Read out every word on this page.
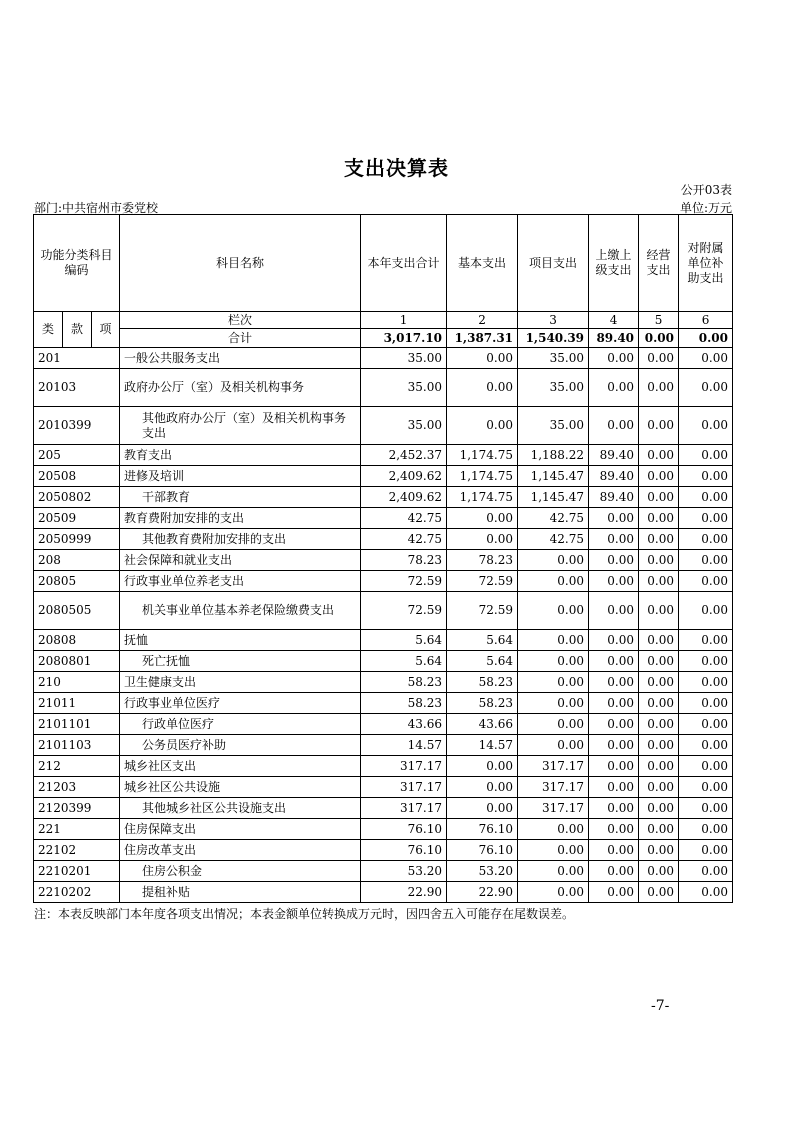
支出决算表
公开03表
部门:中共宿州市委党校	单位:万元
功能分类科目编码			科目名称	本年支出合计	基本支出	项目支出	上缴上级支出	经营支出	对附属单位补助支出
类	款	项	栏次	1	2	3	4	5	6
			合计	3,017.10	1,387.31	1,540.39	89.40	0.00	0.00
201			一般公共服务支出	35.00	0.00	35.00	0.00	0.00	0.00
20103			政府办公厅（室）及相关机构事务	35.00	0.00	35.00	0.00	0.00	0.00
2010399			其他政府办公厅（室）及相关机构事务支出	35.00	0.00	35.00	0.00	0.00	0.00
205			教育支出	2,452.37	1,174.75	1,188.22	89.40	0.00	0.00
20508			进修及培训	2,409.62	1,174.75	1,145.47	89.40	0.00	0.00
2050802			干部教育	2,409.62	1,174.75	1,145.47	89.40	0.00	0.00
20509			教育费附加安排的支出	42.75	0.00	42.75	0.00	0.00	0.00
2050999			其他教育费附加安排的支出	42.75	0.00	42.75	0.00	0.00	0.00
208			社会保障和就业支出	78.23	78.23	0.00	0.00	0.00	0.00
20805			行政事业单位养老支出	72.59	72.59	0.00	0.00	0.00	0.00
2080505			机关事业单位基本养老保险缴费支出	72.59	72.59	0.00	0.00	0.00	0.00
20808			抚恤	5.64	5.64	0.00	0.00	0.00	0.00
2080801			死亡抚恤	5.64	5.64	0.00	0.00	0.00	0.00
210			卫生健康支出	58.23	58.23	0.00	0.00	0.00	0.00
21011			行政事业单位医疗	58.23	58.23	0.00	0.00	0.00	0.00
2101101			行政单位医疗	43.66	43.66	0.00	0.00	0.00	0.00
2101103			公务员医疗补助	14.57	14.57	0.00	0.00	0.00	0.00
212			城乡社区支出	317.17	0.00	317.17	0.00	0.00	0.00
21203			城乡社区公共设施	317.17	0.00	317.17	0.00	0.00	0.00
2120399			其他城乡社区公共设施支出	317.17	0.00	317.17	0.00	0.00	0.00
221			住房保障支出	76.10	76.10	0.00	0.00	0.00	0.00
22102			住房改革支出	76.10	76.10	0.00	0.00	0.00	0.00
2210201			住房公积金	53.20	53.20	0.00	0.00	0.00	0.00
2210202			提租补贴	22.90	22.90	0.00	0.00	0.00	0.00
注：本表反映部门本年度各项支出情况；本表金额单位转换成万元时，因四舍五入可能存在尾数误差。
-7-
